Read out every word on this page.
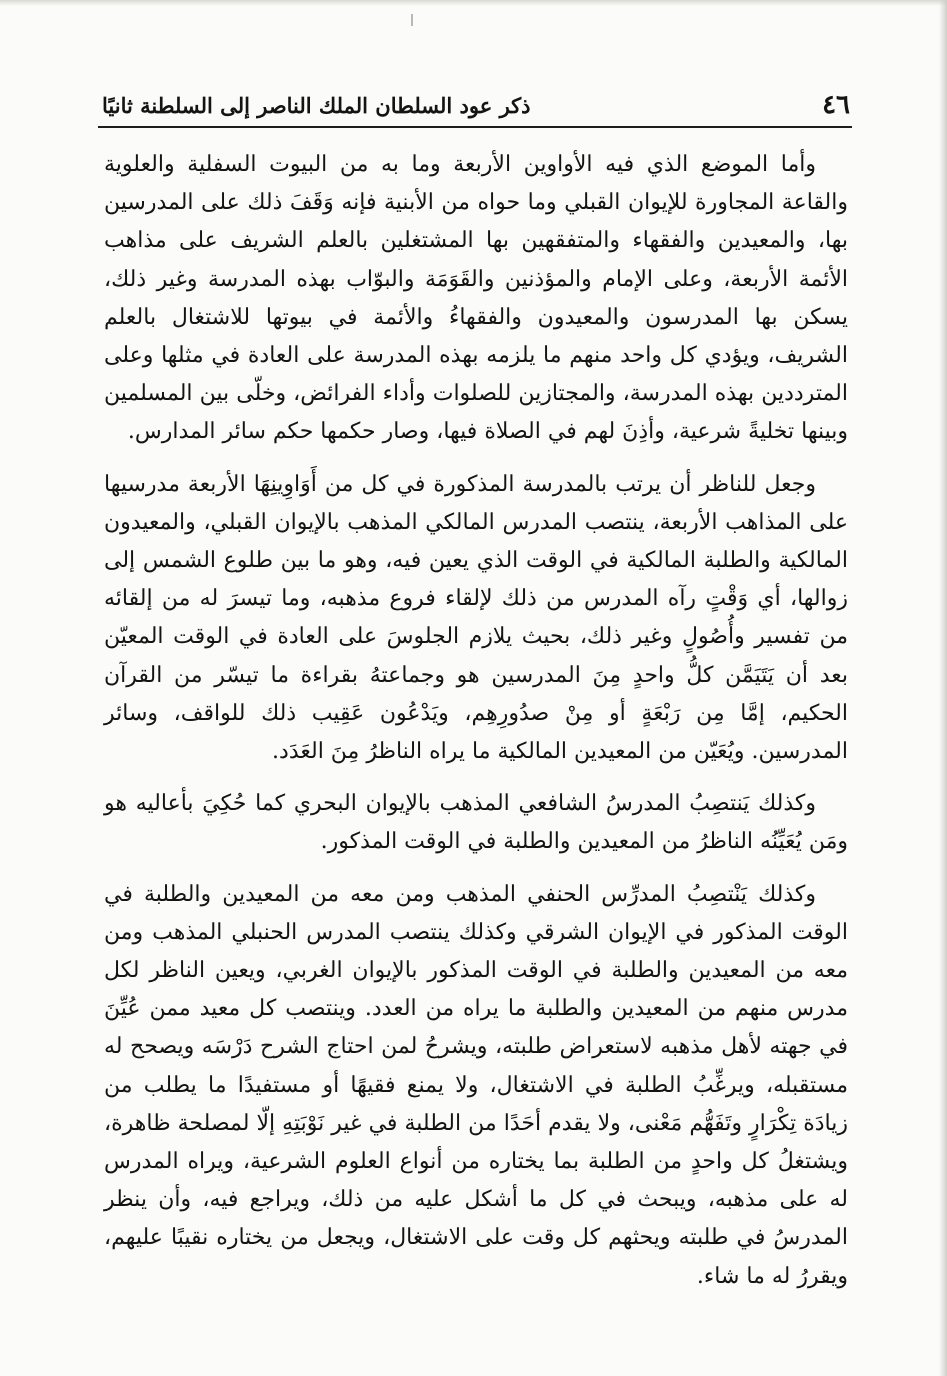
٤٦
ذكر عود السلطان الملك الناصر إلى السلطنة ثانيًا

وأما الموضع الذي فيه الأواوين الأربعة وما به من البيوت السفلية والعلوية والقاعة المجاورة للإيوان القبلي وما حواه من الأبنية فإنه وَقَفَ ذلك على المدرسين بها، والمعيدين والفقهاء والمتفقهين بها المشتغلين بالعلم الشريف على مذاهب الأئمة الأربعة، وعلى الإمام والمؤذنين والقَوَمَة والبوّاب بهذه المدرسة وغير ذلك، يسكن بها المدرسون والمعيدون والفقهاءُ والأئمة في بيوتها للاشتغال بالعلم الشريف، ويؤدي كل واحد منهم ما يلزمه بهذه المدرسة على العادة في مثلها وعلى المترددين بهذه المدرسة، والمجتازين للصلوات وأداء الفرائض، وخلّى بين المسلمين وبينها تخليةً شرعية، وأذِنَ لهم في الصلاة فيها، وصار حكمها حكم سائر المدارس.

وجعل للناظر أن يرتب بالمدرسة المذكورة في كل من أَوَاوِينِهَا الأربعة مدرسيها على المذاهب الأربعة، ينتصب المدرس المالكي المذهب بالإيوان القبلي، والمعيدون المالكية والطلبة المالكية في الوقت الذي يعين فيه، وهو ما بين طلوع الشمس إلى زوالها، أي وَقْتٍ رآه المدرس من ذلك لإلقاء فروع مذهبه، وما تيسرَ له من إلقائه من تفسير وأُصُولٍ وغير ذلك، بحيث يلازم الجلوسَ على العادة في الوقت المعيّن بعد أن يَتَيَمَّن كلُّ واحدٍ مِنَ المدرسين هو وجماعتهُ بقراءة ما تيسّر من القرآن الحكيم، إمَّا مِن رَبْعَةٍ أو مِنْ صدُورِهِم، ويَدْعُون عَقِيب ذلك للواقف، وسائر المدرسين. ويُعَيّن من المعيدين المالكية ما يراه الناظرُ مِنَ العَدَد.

وكذلك يَنتصِبُ المدرسُ الشافعي المذهب بالإيوان البحري كما حُكِيَ بأعاليه هو ومَن يُعَيِّنُه الناظرُ من المعيدين والطلبة في الوقت المذكور.

وكذلك يَنْتصِبُ المدرِّس الحنفي المذهب ومن معه من المعيدين والطلبة في الوقت المذكور في الإيوان الشرقي وكذلك ينتصب المدرس الحنبلي المذهب ومن معه من المعيدين والطلبة في الوقت المذكور بالإيوان الغربي، ويعين الناظر لكل مدرس منهم من المعيدين والطلبة ما يراه من العدد. وينتصب كل معيد ممن عُيِّنَ في جهته لأهل مذهبه لاستعراض طلبته، ويشرحُ لمن احتاج الشرح دَرْسَه ويصحح له مستقبله، ويرغِّبُ الطلبة في الاشتغال، ولا يمنع فقيهًا أو مستفيدًا ما يطلب من زيادَة تِكْرَارٍ وتَفَهُّم مَعْنى، ولا يقدم أحَدًا من الطلبة في غير نَوْبَتِهِ إلّا لمصلحة ظاهرة، ويشتغلُ كل واحدٍ من الطلبة بما يختاره من أنواع العلوم الشرعية، ويراه المدرس له على مذهبه، ويبحث في كل ما أشكل عليه من ذلك، ويراجع فيه، وأن ينظر المدرسُ في طلبته ويحثهم كل وقت على الاشتغال، ويجعل من يختاره نقيبًا عليهم، ويقررُ له ما شاء.
